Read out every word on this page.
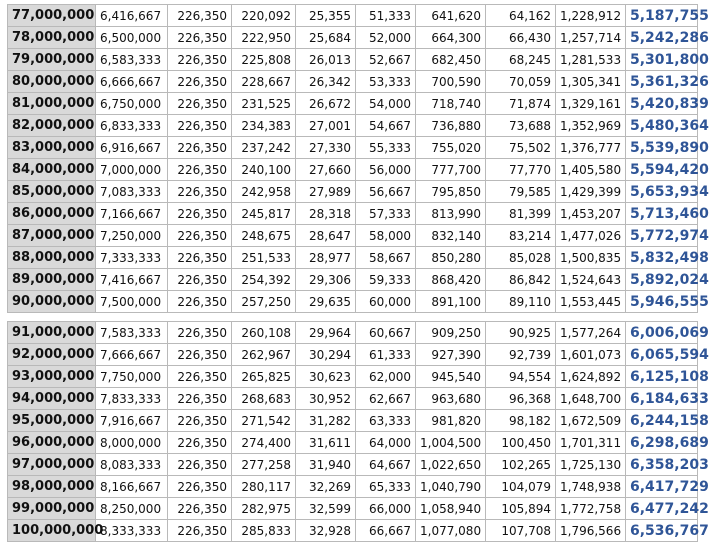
77,000,000	6,416,667	226,350	220,092	25,355	51,333	641,620	64,162	1,228,912	5,187,755
78,000,000	6,500,000	226,350	222,950	25,684	52,000	664,300	66,430	1,257,714	5,242,286
79,000,000	6,583,333	226,350	225,808	26,013	52,667	682,450	68,245	1,281,533	5,301,800
80,000,000	6,666,667	226,350	228,667	26,342	53,333	700,590	70,059	1,305,341	5,361,326
81,000,000	6,750,000	226,350	231,525	26,672	54,000	718,740	71,874	1,329,161	5,420,839
82,000,000	6,833,333	226,350	234,383	27,001	54,667	736,880	73,688	1,352,969	5,480,364
83,000,000	6,916,667	226,350	237,242	27,330	55,333	755,020	75,502	1,376,777	5,539,890
84,000,000	7,000,000	226,350	240,100	27,660	56,000	777,700	77,770	1,405,580	5,594,420
85,000,000	7,083,333	226,350	242,958	27,989	56,667	795,850	79,585	1,429,399	5,653,934
86,000,000	7,166,667	226,350	245,817	28,318	57,333	813,990	81,399	1,453,207	5,713,460
87,000,000	7,250,000	226,350	248,675	28,647	58,000	832,140	83,214	1,477,026	5,772,974
88,000,000	7,333,333	226,350	251,533	28,977	58,667	850,280	85,028	1,500,835	5,832,498
89,000,000	7,416,667	226,350	254,392	29,306	59,333	868,420	86,842	1,524,643	5,892,024
90,000,000	7,500,000	226,350	257,250	29,635	60,000	891,100	89,110	1,553,445	5,946,555
91,000,000	7,583,333	226,350	260,108	29,964	60,667	909,250	90,925	1,577,264	6,006,069
92,000,000	7,666,667	226,350	262,967	30,294	61,333	927,390	92,739	1,601,073	6,065,594
93,000,000	7,750,000	226,350	265,825	30,623	62,000	945,540	94,554	1,624,892	6,125,108
94,000,000	7,833,333	226,350	268,683	30,952	62,667	963,680	96,368	1,648,700	6,184,633
95,000,000	7,916,667	226,350	271,542	31,282	63,333	981,820	98,182	1,672,509	6,244,158
96,000,000	8,000,000	226,350	274,400	31,611	64,000	1,004,500	100,450	1,701,311	6,298,689
97,000,000	8,083,333	226,350	277,258	31,940	64,667	1,022,650	102,265	1,725,130	6,358,203
98,000,000	8,166,667	226,350	280,117	32,269	65,333	1,040,790	104,079	1,748,938	6,417,729
99,000,000	8,250,000	226,350	282,975	32,599	66,000	1,058,940	105,894	1,772,758	6,477,242
100,000,000	8,333,333	226,350	285,833	32,928	66,667	1,077,080	107,708	1,796,566	6,536,767
